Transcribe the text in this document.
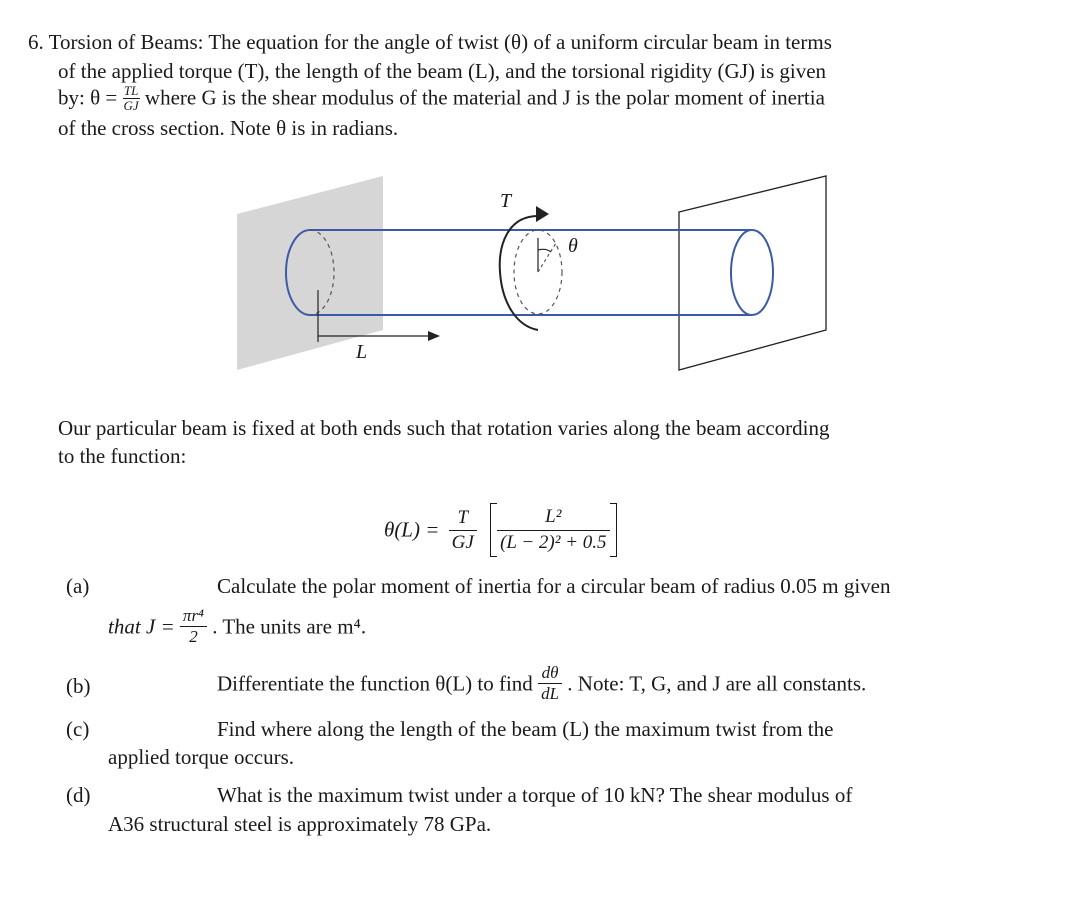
6. Torsion of Beams: The equation for the angle of twist (θ) of a uniform circular beam in terms
of the applied torque (T), the length of the beam (L), and the torsional rigidity (GJ) is given
by: $\theta = \frac{TL}{GJ}$ where G is the shear modulus of the material and J is the polar moment of inertia
of the cross section. Note θ is in radians.
T
θ
L
Our particular beam is fixed at both ends such that rotation varies along the beam according
to the function:
$\theta(L) = \frac{T}{GJ}$
$\frac{\text{L²}}{\text{(L − 2)² + 0.5}}$
(a)	Calculate the polar moment of inertia for a circular beam of radius 0.05 m given
that $J = \frac{\text{πr⁴}}{2}$ . The units are m⁴.
(b)	Differentiate the function θ(L) to find $\frac{d\theta}{dL}$ . Note: T, G, and J are all constants.
(c)	Find where along the length of the beam (L) the maximum twist from the
applied torque occurs.
(d)	What is the maximum twist under a torque of 10 kN? The shear modulus of
A36 structural steel is approximately 78 GPa.
